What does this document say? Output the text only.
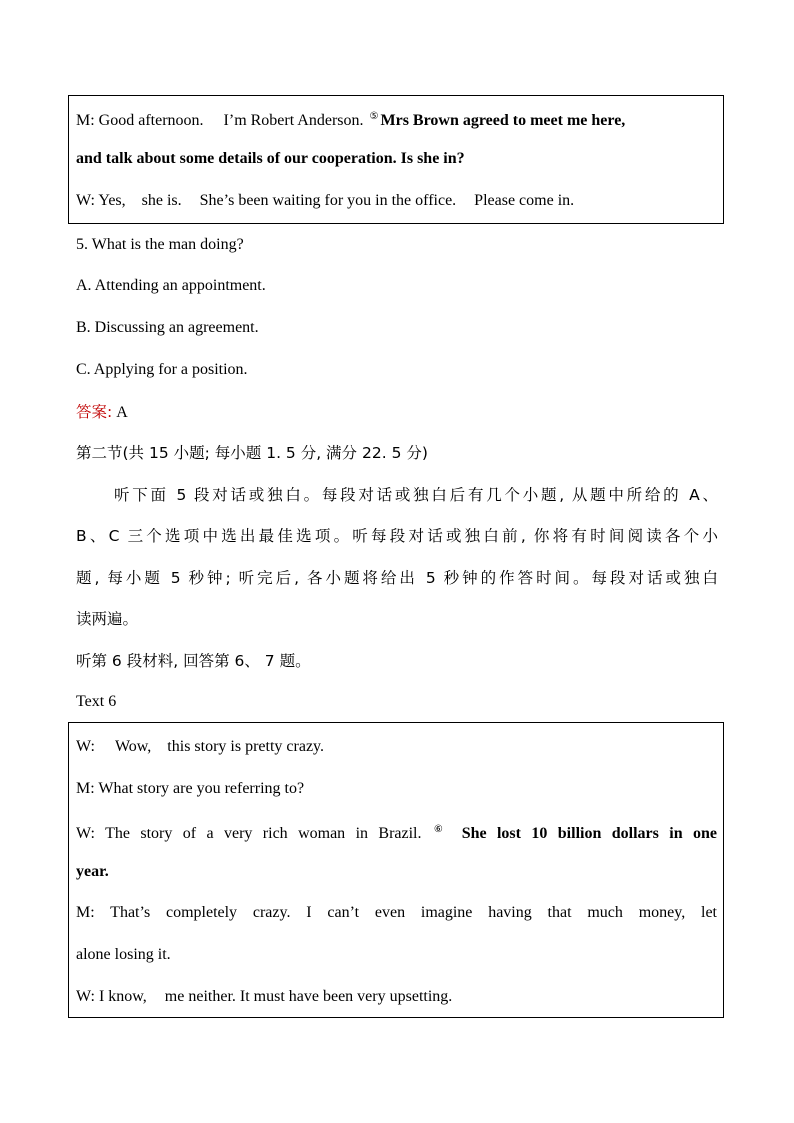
M: Good afternoon. I’m Robert Anderson. ⑤ Mrs Brown agreed to meet me here,
and talk about some details of our cooperation. Is she in?
W: Yes, she is. She’s been waiting for you in the office. Please come in.
5. What is the man doing?
A. Attending an appointment.
B. Discussing an agreement.
C. Applying for a position.
答案: A
第二节(共 15 小题; 每小题 1. 5 分, 满分 22. 5 分)
听下面 5 段对话或独白。每段对话或独白后有几个小题, 从题中所给的 A、
B、C 三个选项中选出最佳选项。听每段对话或独白前, 你将有时间阅读各个小
题, 每小题 5 秒钟; 听完后, 各小题将给出 5 秒钟的作答时间。每段对话或独白
读两遍。
听第 6 段材料, 回答第 6、 7 题。
Text 6
W: Wow, this story is pretty crazy.
M: What story are you referring to?
W: The story of a very rich woman in Brazil. ⑥ She lost 10 billion dollars in one
year.
M: That’s completely crazy. I can’t even imagine having that much money, let
alone losing it.
W: I know, me neither. It must have been very upsetting.
